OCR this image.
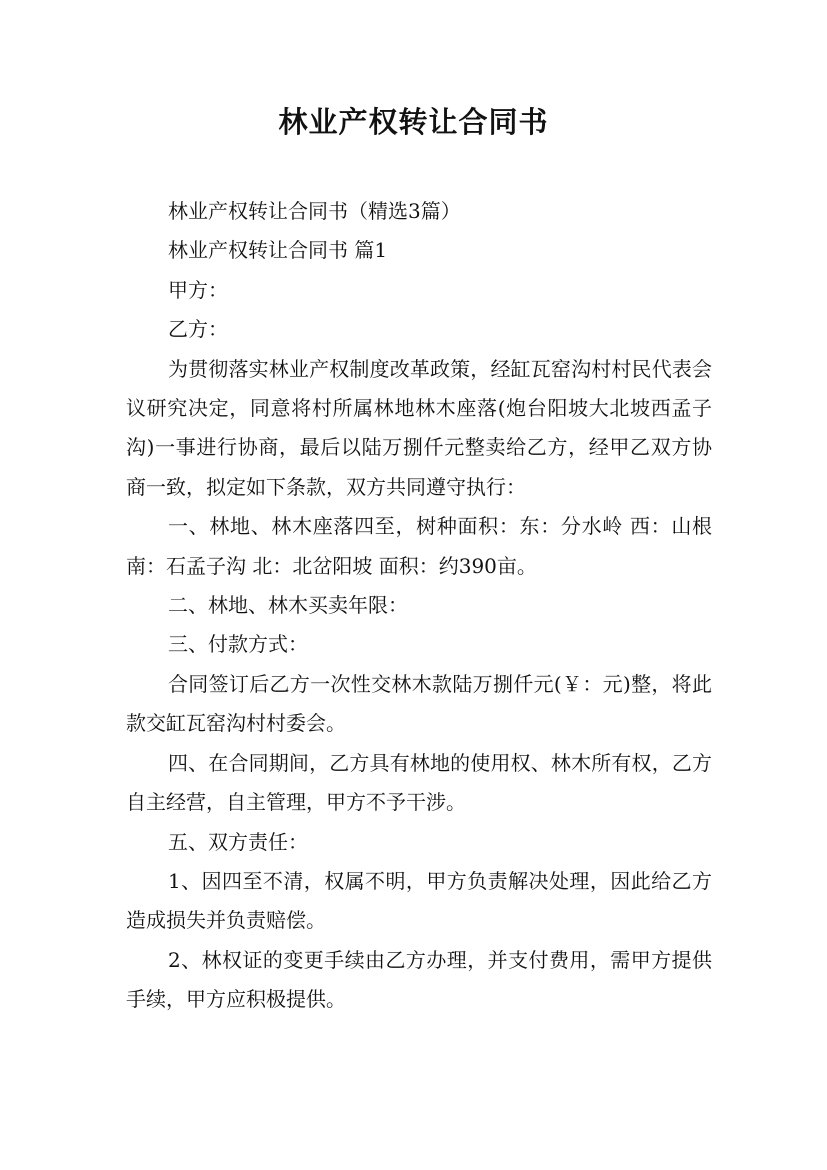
林业产权转让合同书

林业产权转让合同书（精选3篇）

林业产权转让合同书 篇1

甲方：

乙方：

为贯彻落实林业产权制度改革政策，经缸瓦窑沟村村民代表会议研究决定，同意将村所属林地林木座落(炮台阳坡大北坡西孟子沟)一事进行协商，最后以陆万捌仟元整卖给乙方，经甲乙双方协商一致，拟定如下条款，双方共同遵守执行：

一、林地、林木座落四至，树种面积：东：分水岭 西：山根 南：石孟子沟 北：北岔阳坡 面积：约390亩。

二、林地、林木买卖年限：

三、付款方式：

合同签订后乙方一次性交林木款陆万捌仟元(￥：元)整，将此款交缸瓦窑沟村村委会。

四、在合同期间，乙方具有林地的使用权、林木所有权，乙方自主经营，自主管理，甲方不予干涉。

五、双方责任：

1、因四至不清，权属不明，甲方负责解决处理，因此给乙方造成损失并负责赔偿。

2、林权证的变更手续由乙方办理，并支付费用，需甲方提供手续，甲方应积极提供。
